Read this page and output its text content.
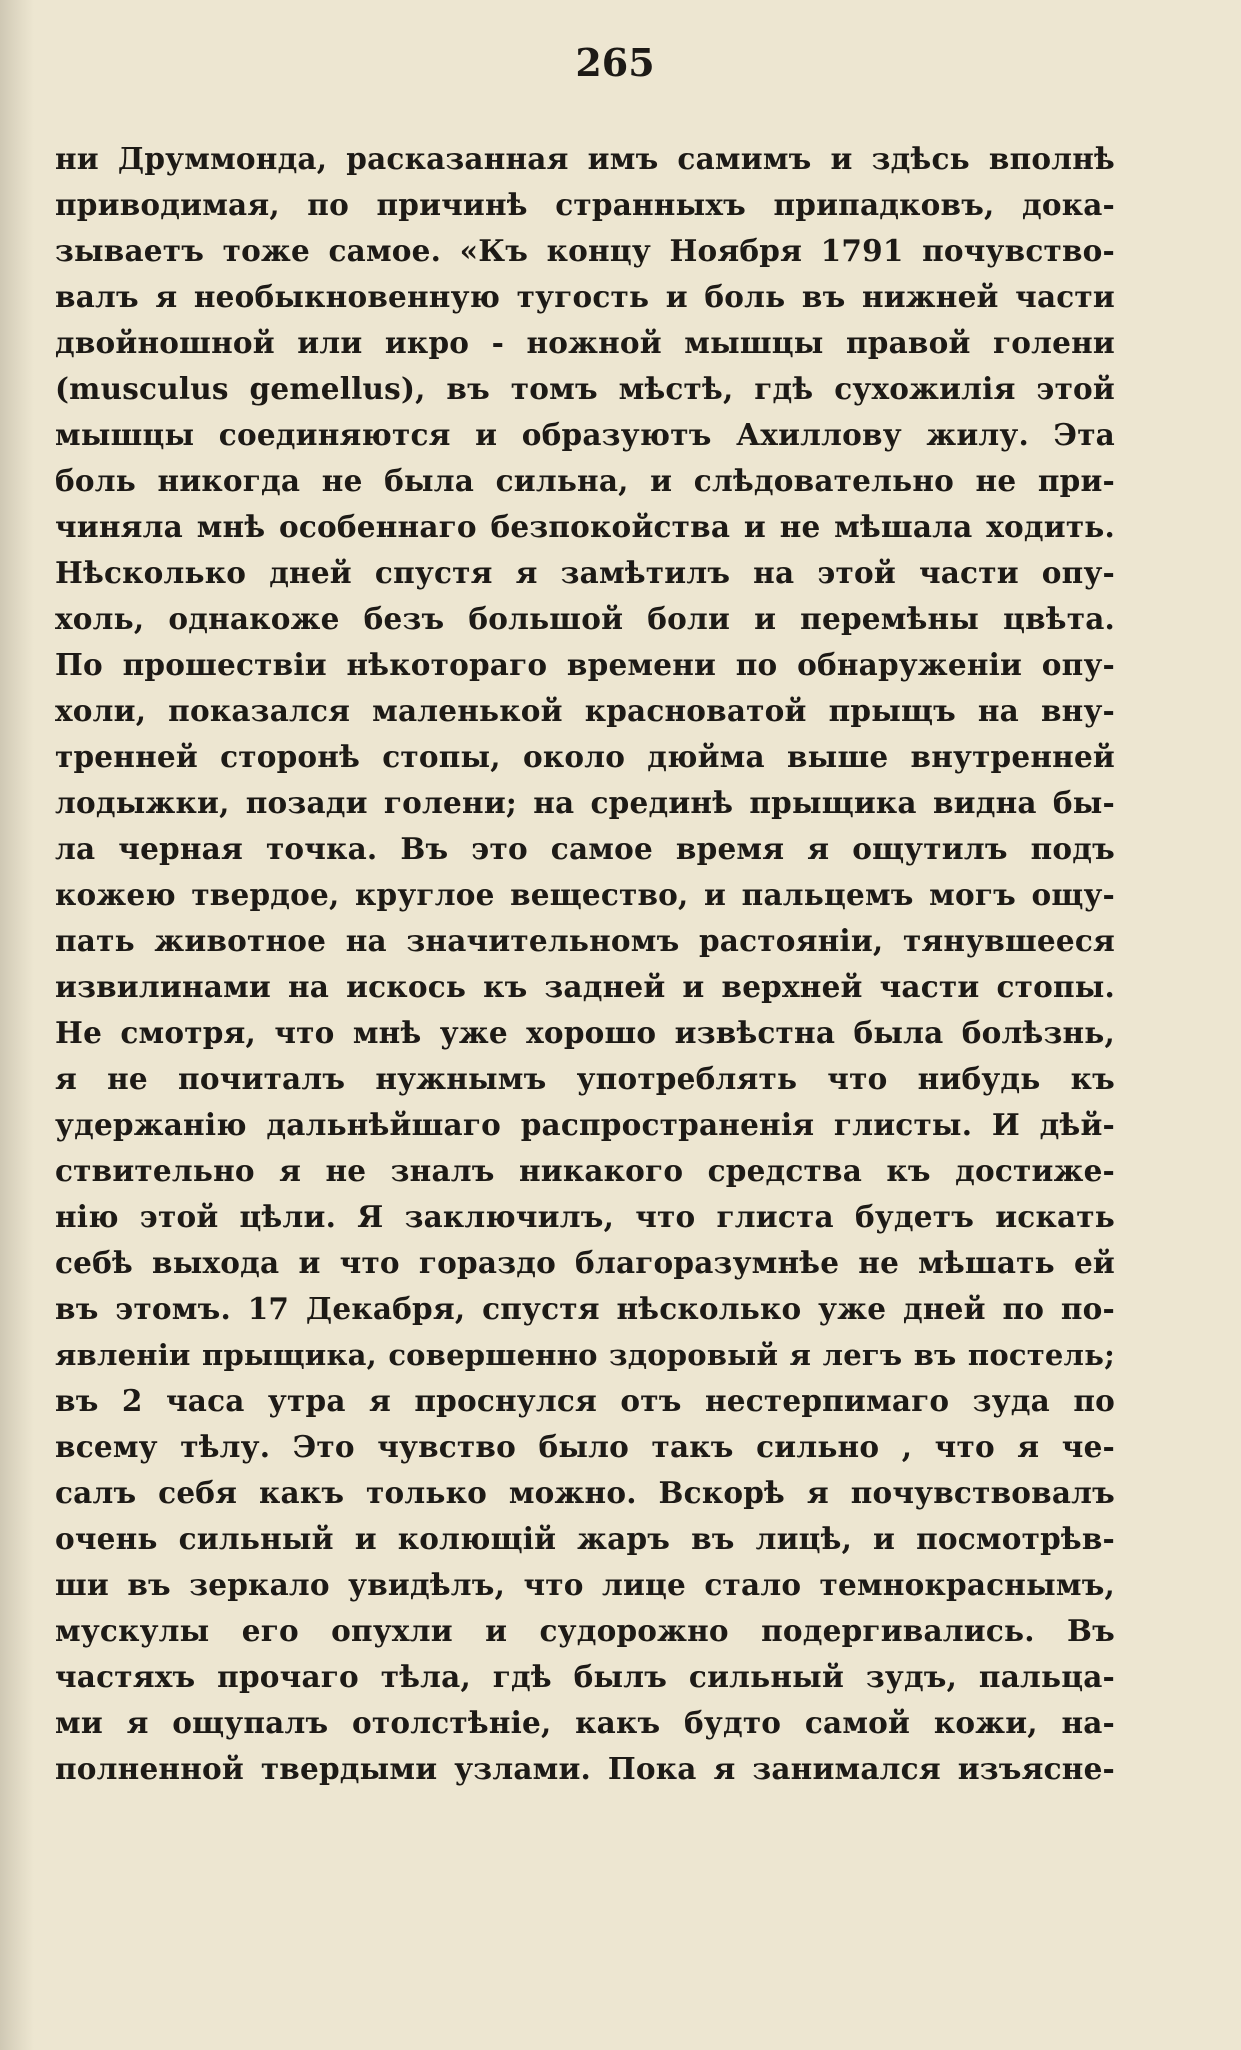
265
ни Друммонда, расказанная имъ самимъ и здѣсь вполнѣ
приводимая, по причинѣ странныхъ припадковъ, дока-
зываетъ тоже самое. «Къ концу Ноября 1791 почувство-
валъ я необыкновенную тугость и боль въ нижней части
двойношной или икро - ножной мышцы правой голени
(musculus gemellus), въ томъ мѣстѣ, гдѣ сухожилія этой
мышцы соединяются и образуютъ Ахиллову жилу. Эта
боль никогда не была сильна, и слѣдовательно не при-
чиняла мнѣ особеннаго безпокойства и не мѣшала ходить.
Нѣсколько дней спустя я замѣтилъ на этой части опу-
холь, однакоже безъ большой боли и перемѣны цвѣта.
По прошествіи нѣкотораго времени по обнаруженіи опу-
холи, показался маленькой красноватой прыщъ на вну-
тренней сторонѣ стопы, около дюйма выше внутренней
лодыжки, позади голени; на срединѣ прыщика видна бы-
ла черная точка. Въ это самое время я ощутилъ подъ
кожею твердое, круглое вещество, и пальцемъ могъ ощу-
пать животное на значительномъ растояніи, тянувшееся
извилинами на искось къ задней и верхней части стопы.
Не смотря, что мнѣ уже хорошо извѣстна была болѣзнь,
я не почиталъ нужнымъ употреблять что нибудь къ
удержанію дальнѣйшаго распространенія глисты. И дѣй-
ствительно я не зналъ никакого средства къ достиже-
нію этой цѣли. Я заключилъ, что глиста будетъ искать
себѣ выхода и что гораздо благоразумнѣе не мѣшать ей
въ этомъ. 17 Декабря, спустя нѣсколько уже дней по по-
явленіи прыщика, совершенно здоровый я легъ въ постель;
въ 2 часа утра я проснулся отъ нестерпимаго зуда по
всему тѣлу. Это чувство было такъ сильно , что я че-
салъ себя какъ только можно. Вскорѣ я почувствовалъ
очень сильный и колющій жаръ въ лицѣ, и посмотрѣв-
ши въ зеркало увидѣлъ, что лице стало темнокраснымъ,
мускулы его опухли и судорожно подергивались. Въ
частяхъ прочаго тѣла, гдѣ былъ сильный зудъ, пальца-
ми я ощупалъ отолстѣніе, какъ будто самой кожи, на-
полненной твердыми узлами. Пока я занимался изъясне-
